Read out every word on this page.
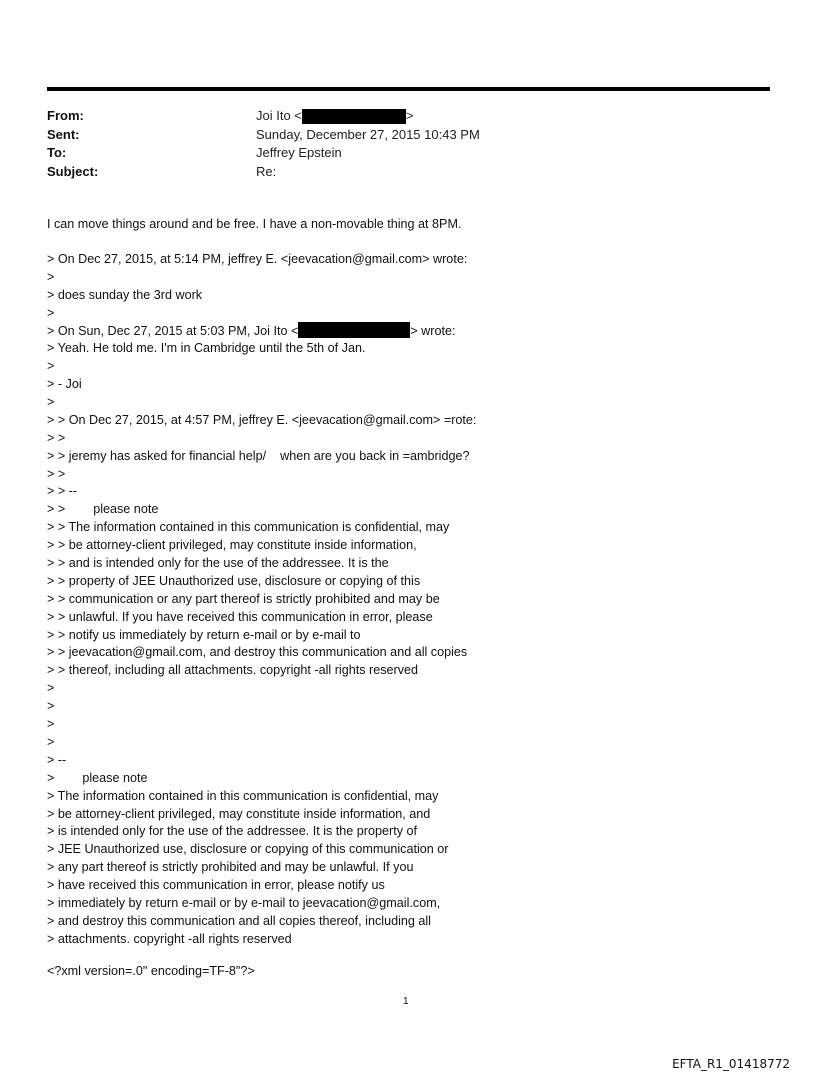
From:	Joi Ito <	>
Sent:	Sunday, December 27, 2015 10:43 PM
To:	Jeffrey Epstein
Subject:	Re:
I can move things around and be free. I have a non-movable thing at 8PM.
> On Dec 27, 2015, at 5:14 PM, jeffrey E. <jeevacation@gmail.com> wrote:
>
> does sunday the 3rd work
>
> On Sun, Dec 27, 2015 at 5:03 PM, Joi Ito <	> wrote:
> Yeah. He told me. I'm in Cambridge until the 5th of Jan.
>
> - Joi
>
> > On Dec 27, 2015, at 4:57 PM, jeffrey E. <jeevacation@gmail.com> =rote:
> >
> > jeremy has asked for financial help/    when are you back in =ambridge?
> >
> > --
> >        please note
> > The information contained in this communication is confidential, may
> > be attorney-client privileged, may constitute inside information,
> > and is intended only for the use of the addressee. It is the
> > property of JEE Unauthorized use, disclosure or copying of this
> > communication or any part thereof is strictly prohibited and may be
> > unlawful. If you have received this communication in error, please
> > notify us immediately by return e-mail or by e-mail to
> > jeevacation@gmail.com, and destroy this communication and all copies
> > thereof, including all attachments. copyright -all rights reserved
>
>
>
>
> --
>        please note
> The information contained in this communication is confidential, may
> be attorney-client privileged, may constitute inside information, and
> is intended only for the use of the addressee. It is the property of
> JEE Unauthorized use, disclosure or copying of this communication or
> any part thereof is strictly prohibited and may be unlawful. If you
> have received this communication in error, please notify us
> immediately by return e-mail or by e-mail to jeevacation@gmail.com,
> and destroy this communication and all copies thereof, including all
> attachments. copyright -all rights reserved
<?xml version=.0" encoding=TF-8"?>
1
EFTA_R1_01418772
